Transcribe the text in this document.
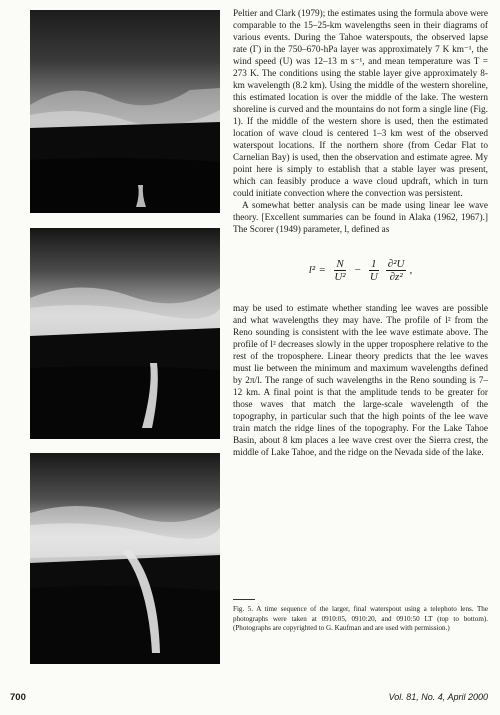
Peltier and Clark (1979); the estimates using the formula above were comparable to the 15–25-km wavelengths seen in their diagrams of various events. During the Tahoe waterspouts, the observed lapse rate (Γ) in the 750–670-hPa layer was approximately 7 K km⁻¹, the wind speed (U) was 12–13 m s⁻¹, and mean temperature was T = 273 K. The conditions using the stable layer give approximately 8-km wavelength (8.2 km). Using the middle of the western shoreline, this estimated location is over the middle of the lake. The western shoreline is curved and the mountains do not form a single line (Fig. 1). If the middle of the western shore is used, then the estimated location of wave cloud is centered 1–3 km west of the observed waterspout locations. If the northern shore (from Cedar Flat to Carnelian Bay) is used, then the observation and estimate agree. My point here is simply to establish that a stable layer was present, which can feasibly produce a wave cloud updraft, which in turn could initiate convection where the convection was persistent.

A somewhat better analysis can be made using linear lee wave theory. [Excellent summaries can be found in Alaka (1962, 1967).] The Scorer (1949) parameter, l, defined as

$l^2 = \frac{N}{\text{U²}} - \frac{1}{U} \frac{\text{∂²U}}{\text{∂z²}}$ ,

may be used to estimate whether standing lee waves are possible and what wavelengths they may have. The profile of l² from the Reno sounding is consistent with the lee wave estimate above. The profile of l² decreases slowly in the upper troposphere relative to the rest of the troposphere. Linear theory predicts that the lee waves must lie between the minimum and maximum wavelengths defined by 2π/l. The range of such wavelengths in the Reno sounding is 7–12 km. A final point is that the amplitude tends to be greater for those waves that match the large-scale wavelength of the topography, in particular such that the high points of the lee wave train match the ridge lines of the topography. For the Lake Tahoe Basin, about 8 km places a lee wave crest over the Sierra crest, the middle of Lake Tahoe, and the ridge on the Nevada side of the lake.

Fig. 5. A time sequence of the larger, final waterspout using a telephoto lens. The photographs were taken at 0910:05, 0910:20, and 0910:50 LT (top to bottom). (Photographs are copyrighted to G. Kaufman and are used with permission.)
700	Vol. 81, No. 4, April 2000
